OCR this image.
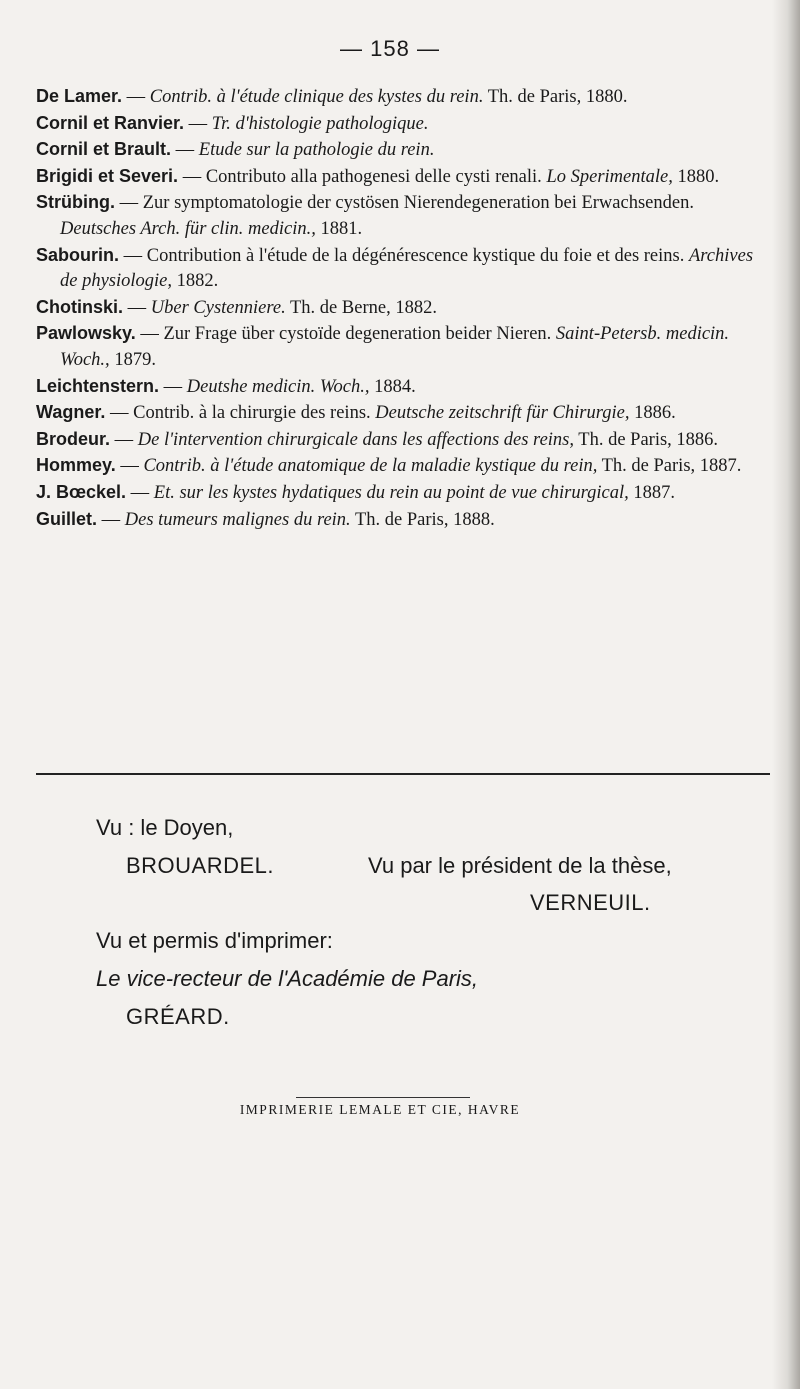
— 158 —

De Lamer. — Contrib. à l'étude clinique des kystes du rein. Th. de Paris, 1880.

Cornil et Ranvier. — Tr. d'histologie pathologique.

Cornil et Brault. — Etude sur la pathologie du rein.

Brigidi et Severi. — Contributo alla pathogenesi delle cysti renali. Lo Sperimentale, 1880.

Strübing. — Zur symptomatologie der cystösen Nierendegeneration bei Erwachsenden. Deutsches Arch. für clin. medicin., 1881.

Sabourin. — Contribution à l'étude de la dégénérescence kystique du foie et des reins. Archives de physiologie, 1882.

Chotinski. — Uber Cystenniere. Th. de Berne, 1882.

Pawlowsky. — Zur Frage über cystoïde degeneration beider Nieren. Saint-Petersb. medicin. Woch., 1879.

Leichtenstern. — Deutshe medicin. Woch., 1884.

Wagner. — Contrib. à la chirurgie des reins. Deutsche zeitschrift für Chirurgie, 1886.

Brodeur. — De l'intervention chirurgicale dans les affections des reins, Th. de Paris, 1886.

Hommey. — Contrib. à l'étude anatomique de la maladie kystique du rein, Th. de Paris, 1887.

J. Bœckel. — Et. sur les kystes hydatiques du rein au point de vue chirurgical, 1887.

Guillet. — Des tumeurs malignes du rein. Th. de Paris, 1888.

Vu : le Doyen,
BROUARDEL.	Vu par le président de la thèse,
VERNEUIL.
Vu et permis d'imprimer:
Le vice-recteur de l'Académie de Paris,
GRÉARD.
IMPRIMERIE LEMALE ET CIE, HAVRE
